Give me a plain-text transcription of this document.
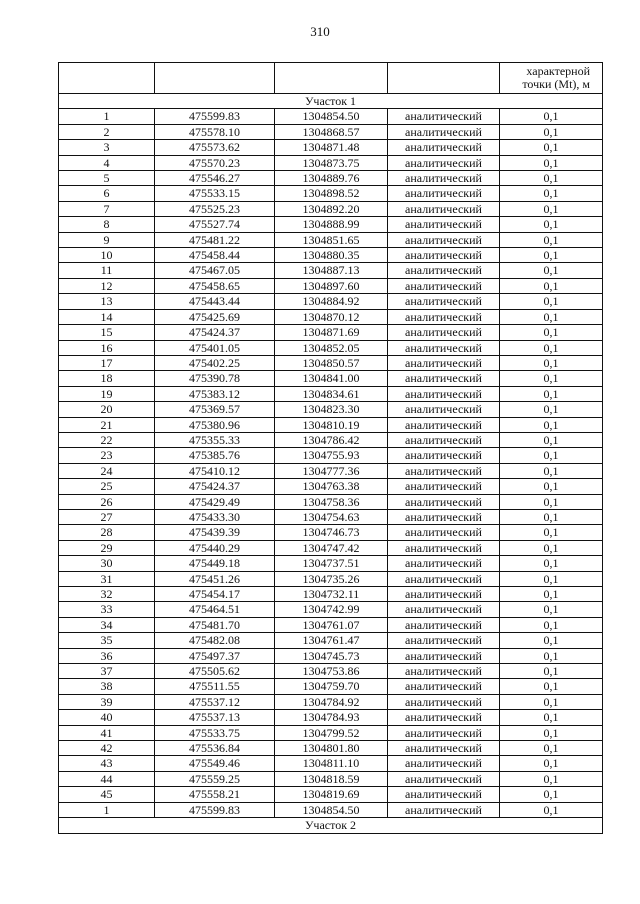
310
				характерной точки (Mt), м
Участок 1				
1	475599.83	1304854.50	аналитический	0,1
2	475578.10	1304868.57	аналитический	0,1
3	475573.62	1304871.48	аналитический	0,1
4	475570.23	1304873.75	аналитический	0,1
5	475546.27	1304889.76	аналитический	0,1
6	475533.15	1304898.52	аналитический	0,1
7	475525.23	1304892.20	аналитический	0,1
8	475527.74	1304888.99	аналитический	0,1
9	475481.22	1304851.65	аналитический	0,1
10	475458.44	1304880.35	аналитический	0,1
11	475467.05	1304887.13	аналитический	0,1
12	475458.65	1304897.60	аналитический	0,1
13	475443.44	1304884.92	аналитический	0,1
14	475425.69	1304870.12	аналитический	0,1
15	475424.37	1304871.69	аналитический	0,1
16	475401.05	1304852.05	аналитический	0,1
17	475402.25	1304850.57	аналитический	0,1
18	475390.78	1304841.00	аналитический	0,1
19	475383.12	1304834.61	аналитический	0,1
20	475369.57	1304823.30	аналитический	0,1
21	475380.96	1304810.19	аналитический	0,1
22	475355.33	1304786.42	аналитический	0,1
23	475385.76	1304755.93	аналитический	0,1
24	475410.12	1304777.36	аналитический	0,1
25	475424.37	1304763.38	аналитический	0,1
26	475429.49	1304758.36	аналитический	0,1
27	475433.30	1304754.63	аналитический	0,1
28	475439.39	1304746.73	аналитический	0,1
29	475440.29	1304747.42	аналитический	0,1
30	475449.18	1304737.51	аналитический	0,1
31	475451.26	1304735.26	аналитический	0,1
32	475454.17	1304732.11	аналитический	0,1
33	475464.51	1304742.99	аналитический	0,1
34	475481.70	1304761.07	аналитический	0,1
35	475482.08	1304761.47	аналитический	0,1
36	475497.37	1304745.73	аналитический	0,1
37	475505.62	1304753.86	аналитический	0,1
38	475511.55	1304759.70	аналитический	0,1
39	475537.12	1304784.92	аналитический	0,1
40	475537.13	1304784.93	аналитический	0,1
41	475533.75	1304799.52	аналитический	0,1
42	475536.84	1304801.80	аналитический	0,1
43	475549.46	1304811.10	аналитический	0,1
44	475559.25	1304818.59	аналитический	0,1
45	475558.21	1304819.69	аналитический	0,1
1	475599.83	1304854.50	аналитический	0,1
Участок 2				
